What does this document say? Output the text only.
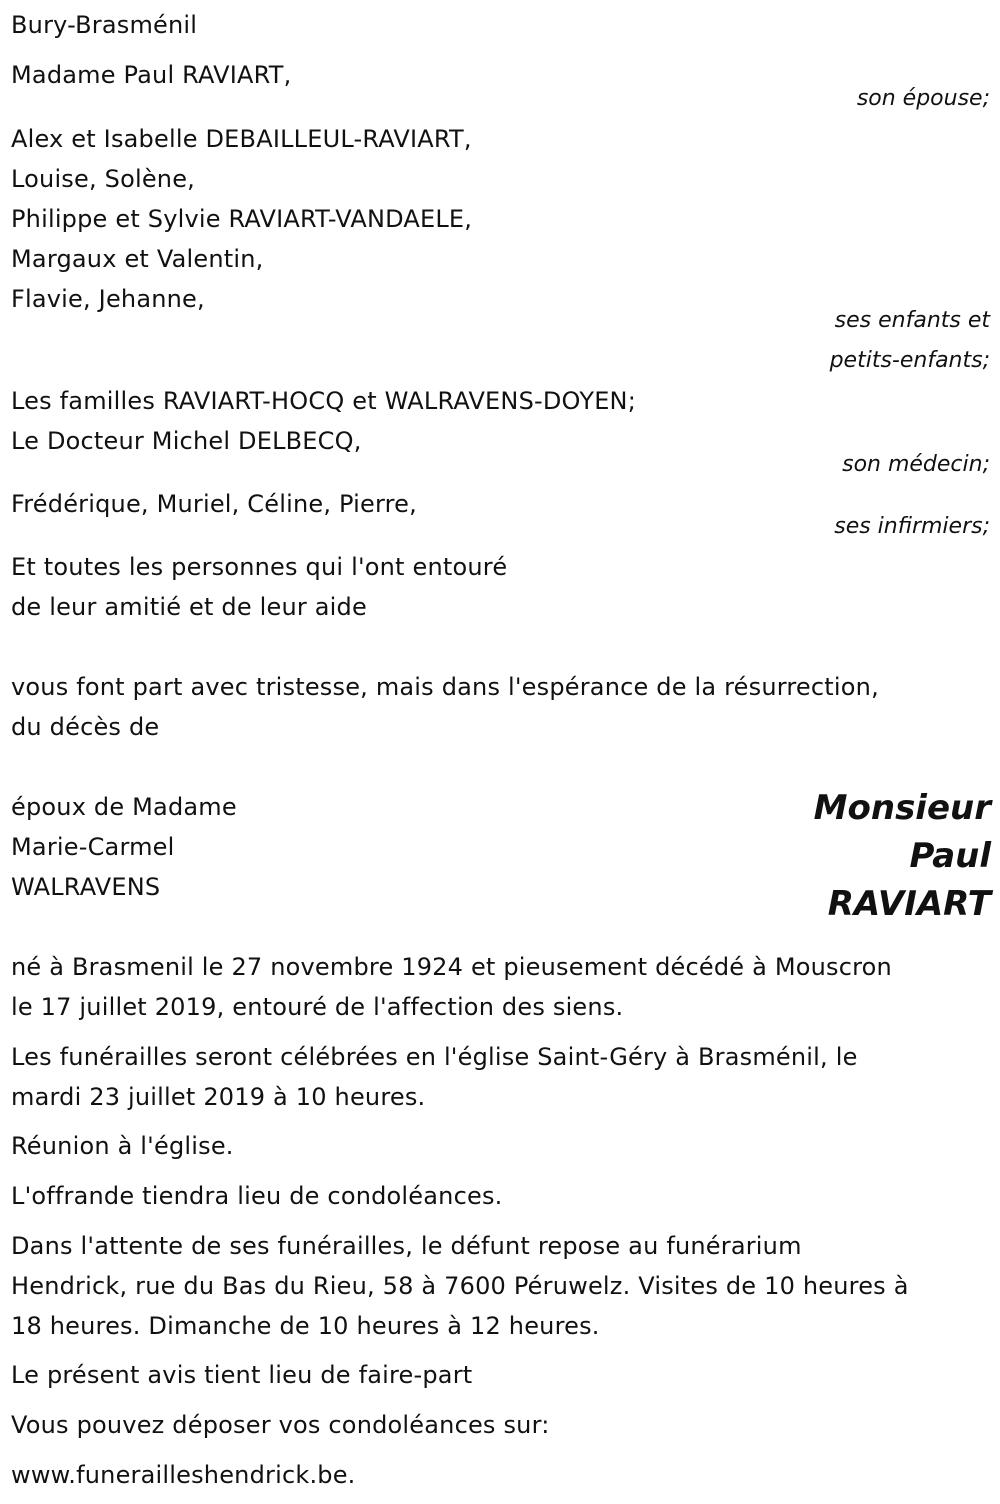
Bury-Brasménil
Madame Paul RAVIART,
son épouse;
Alex et Isabelle DEBAILLEUL-RAVIART,
Louise, Solène,
Philippe et Sylvie RAVIART-VANDAELE,
Margaux et Valentin,
Flavie, Jehanne,
ses enfants et
petits-enfants;
Les familles RAVIART-HOCQ et WALRAVENS-DOYEN;
Le Docteur Michel DELBECQ,
son médecin;
Frédérique, Muriel, Céline, Pierre,
ses infirmiers;
Et toutes les personnes qui l'ont entouré
de leur amitié et de leur aide
vous font part avec tristesse, mais dans l'espérance de la résurrection,
du décès de
époux de Madame
Marie-Carmel
WALRAVENS
Monsieur
Paul
RAVIART
né à Brasmenil le 27 novembre 1924 et pieusement décédé à Mouscron
le 17 juillet 2019, entouré de l'affection des siens.
Les funérailles seront célébrées en l'église Saint-Géry à Brasménil, le
mardi 23 juillet 2019 à 10 heures.
Réunion à l'église.
L'offrande tiendra lieu de condoléances.
Dans l'attente de ses funérailles, le défunt repose au funérarium
Hendrick, rue du Bas du Rieu, 58 à 7600 Péruwelz. Visites de 10 heures à
18 heures. Dimanche de 10 heures à 12 heures.
Le présent avis tient lieu de faire-part
Vous pouvez déposer vos condoléances sur:
www.funerailleshendrick.be.
